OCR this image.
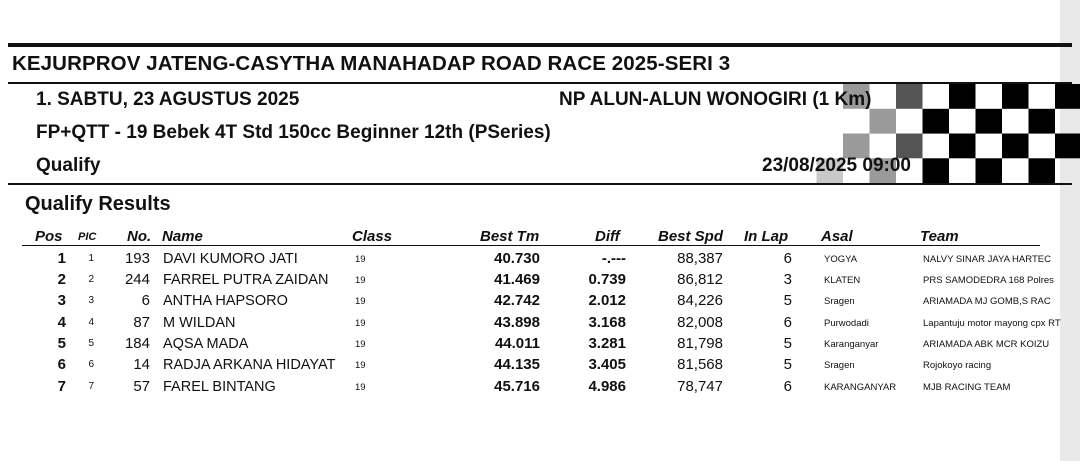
KEJURPROV JATENG-CASYTHA MANAHADAP ROAD RACE 2025-SERI 3
1. SABTU, 23 AGUSTUS 2025	NP ALUN-ALUN WONOGIRI (1 Km)
FP+QTT - 19 Bebek 4T Std 150cc Beginner 12th (PSeries)
Qualify	23/08/2025 09:00
Qualify Results
Pos PIC No. Name	Class	Best Tm	Diff	Best Spd In Lap Asal	Team
1	1	193 DAVI KUMORO JATI	19	40.730	-.---	88,387	6	YOGYA	NALVY SINAR JAYA HARTEC
2	2	244 FARREL PUTRA ZAIDAN	19	41.469	0.739	86,812	3	KLATEN	PRS SAMODEDRA 168 Polres
3	3	6 ANTHA HAPSORO	19	42.742	2.012	84,226	5	Sragen	ARIAMADA MJ GOMB,S RAC
4	4	87 M WILDAN	19	43.898	3.168	82,008	6	Purwodadi	Lapantuju motor mayong cpx RT
5	5	184 AQSA MADA	19	44.011	3.281	81,798	5	Karanganyar	ARIAMADA ABK MCR KOIZU
6	6	14 RADJA ARKANA HIDAYAT	19	44.135	3.405	81,568	5	Sragen	Rojokoyo racing
7	7	57 FAREL BINTANG	19	45.716	4.986	78,747	6	KARANGANYAR	MJB RACING TEAM
